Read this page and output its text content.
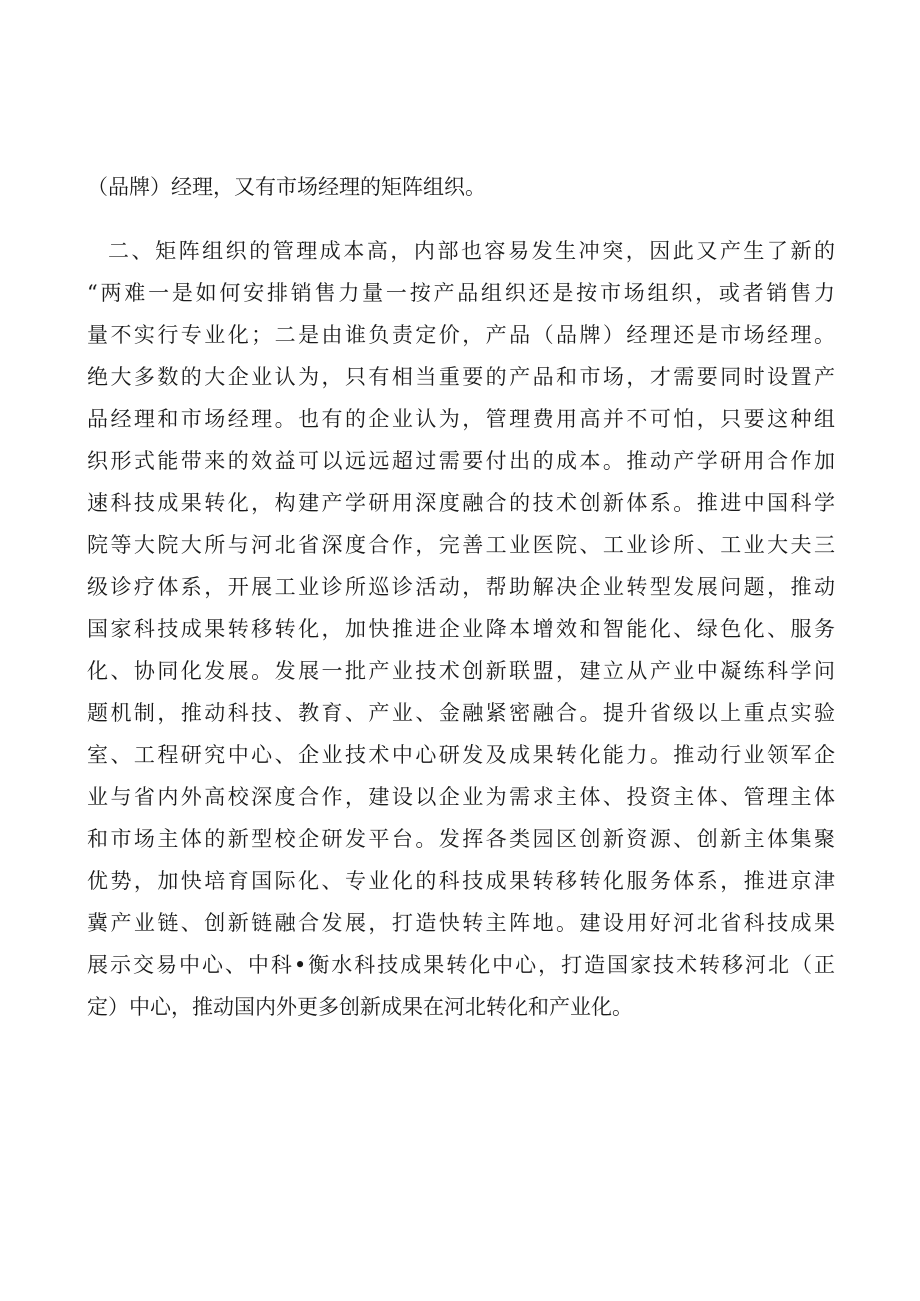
（品牌）经理，又有市场经理的矩阵组织。
二、矩阵组织的管理成本高，内部也容易发生冲突，因此又产生了新的
“两难一是如何安排销售力量一按产品组织还是按市场组织，或者销售力
量不实行专业化；二是由谁负责定价，产品（品牌）经理还是市场经理。
绝大多数的大企业认为，只有相当重要的产品和市场，才需要同时设置产
品经理和市场经理。也有的企业认为，管理费用高并不可怕，只要这种组
织形式能带来的效益可以远远超过需要付出的成本。推动产学研用合作加
速科技成果转化，构建产学研用深度融合的技术创新体系。推进中国科学
院等大院大所与河北省深度合作，完善工业医院、工业诊所、工业大夫三
级诊疗体系，开展工业诊所巡诊活动，帮助解决企业转型发展问题，推动
国家科技成果转移转化，加快推进企业降本增效和智能化、绿色化、服务
化、协同化发展。发展一批产业技术创新联盟，建立从产业中凝练科学问
题机制，推动科技、教育、产业、金融紧密融合。提升省级以上重点实验
室、工程研究中心、企业技术中心研发及成果转化能力。推动行业领军企
业与省内外高校深度合作，建设以企业为需求主体、投资主体、管理主体
和市场主体的新型校企研发平台。发挥各类园区创新资源、创新主体集聚
优势，加快培育国际化、专业化的科技成果转移转化服务体系，推进京津
冀产业链、创新链融合发展，打造快转主阵地。建设用好河北省科技成果
展示交易中心、中科•衡水科技成果转化中心，打造国家技术转移河北（正
定）中心，推动国内外更多创新成果在河北转化和产业化。
